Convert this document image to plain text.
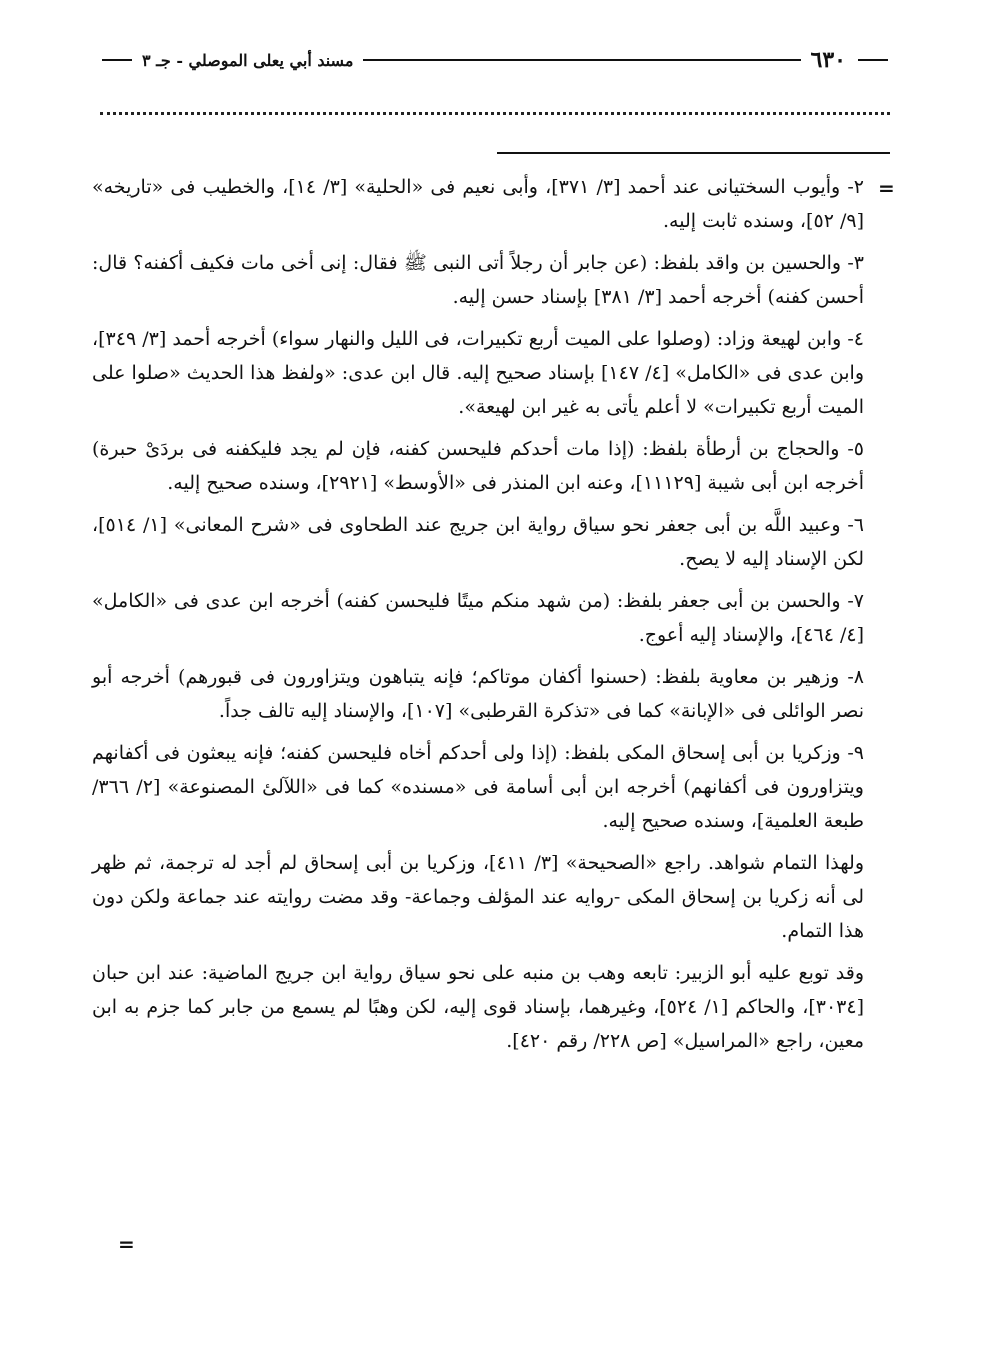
٦٣٠
مسند أبي يعلى الموصلي - جـ ٣
=
=

٢- وأيوب السختيانى عند أحمد [٣/ ٣٧١]، وأبى نعيم فى «الحلية» [٣/ ١٤]، والخطيب فى «تاريخه» [٩/ ٥٢]، وسنده ثابت إليه.

٣- والحسين بن واقد بلفظ: (عن جابر أن رجلاً أتى النبى ﷺ فقال: إنى أخى مات فكيف أكفنه؟ قال: أحسن كفنه) أخرجه أحمد [٣/ ٣٨١] بإسناد حسن إليه.

٤- وابن لهيعة وزاد: (وصلوا على الميت أربع تكبيرات، فى الليل والنهار سواء) أخرجه أحمد [٣/ ٣٤٩]، وابن عدى فى «الكامل» [٤/ ١٤٧] بإسناد صحيح إليه. قال ابن عدى: «ولفظ هذا الحديث «صلوا على الميت أربع تكبيرات» لا أعلم يأتى به غير ابن لهيعة».

٥- والحجاج بن أرطأة بلفظ: (إذا مات أحدكم فليحسن كفنه، فإن لم يجد فليكفنه فى بردَىْ حبرة) أخرجه ابن أبى شيبة [١١١٢٩]، وعنه ابن المنذر فى «الأوسط» [٢٩٢١]، وسنده صحيح إليه.

٦- وعبيد اللَّه بن أبى جعفر نحو سياق رواية ابن جريج عند الطحاوى فى «شرح المعانى» [١/ ٥١٤]، لكن الإسناد إليه لا يصح.

٧- والحسن بن أبى جعفر بلفظ: (من شهد منكم ميتًا فليحسن كفنه) أخرجه ابن عدى فى «الكامل» [٤/ ٤٦٤]، والإسناد إليه أعوج.

٨- وزهير بن معاوية بلفظ: (حسنوا أكفان موتاكم؛ فإنه يتباهون ويتزاورون فى قبورهم) أخرجه أبو نصر الوائلى فى «الإبانة» كما فى «تذكرة القرطبى» [١٠٧]، والإسناد إليه تالف جداً.

٩- وزكريا بن أبى إسحاق المكى بلفظ: (إذا ولى أحدكم أخاه فليحسن كفنه؛ فإنه يبعثون فى أكفانهم ويتزاورون فى أكفانهم) أخرجه ابن أبى أسامة فى «مسنده» كما فى «اللآلئ المصنوعة» [٢/ ٣٦٦/ طبعة العلمية]، وسنده صحيح إليه.

ولهذا التمام شواهد. راجع «الصحيحة» [٣/ ٤١١]، وزكريا بن أبى إسحاق لم أجد له ترجمة، ثم ظهر لى أنه زكريا بن إسحاق المكى -روايه عند المؤلف وجماعة- وقد مضت روايته عند جماعة ولكن دون هذا التمام.

وقد توبع عليه أبو الزبير: تابعه وهب بن منبه على نحو سياق رواية ابن جريج الماضية: عند ابن حبان [٣٠٣٤]، والحاكم [١/ ٥٢٤]، وغيرهما، بإسناد قوى إليه، لكن وهبًا لم يسمع من جابر كما جزم به ابن معين، راجع «المراسيل» [ص ٢٢٨/ رقم ٤٢٠].
